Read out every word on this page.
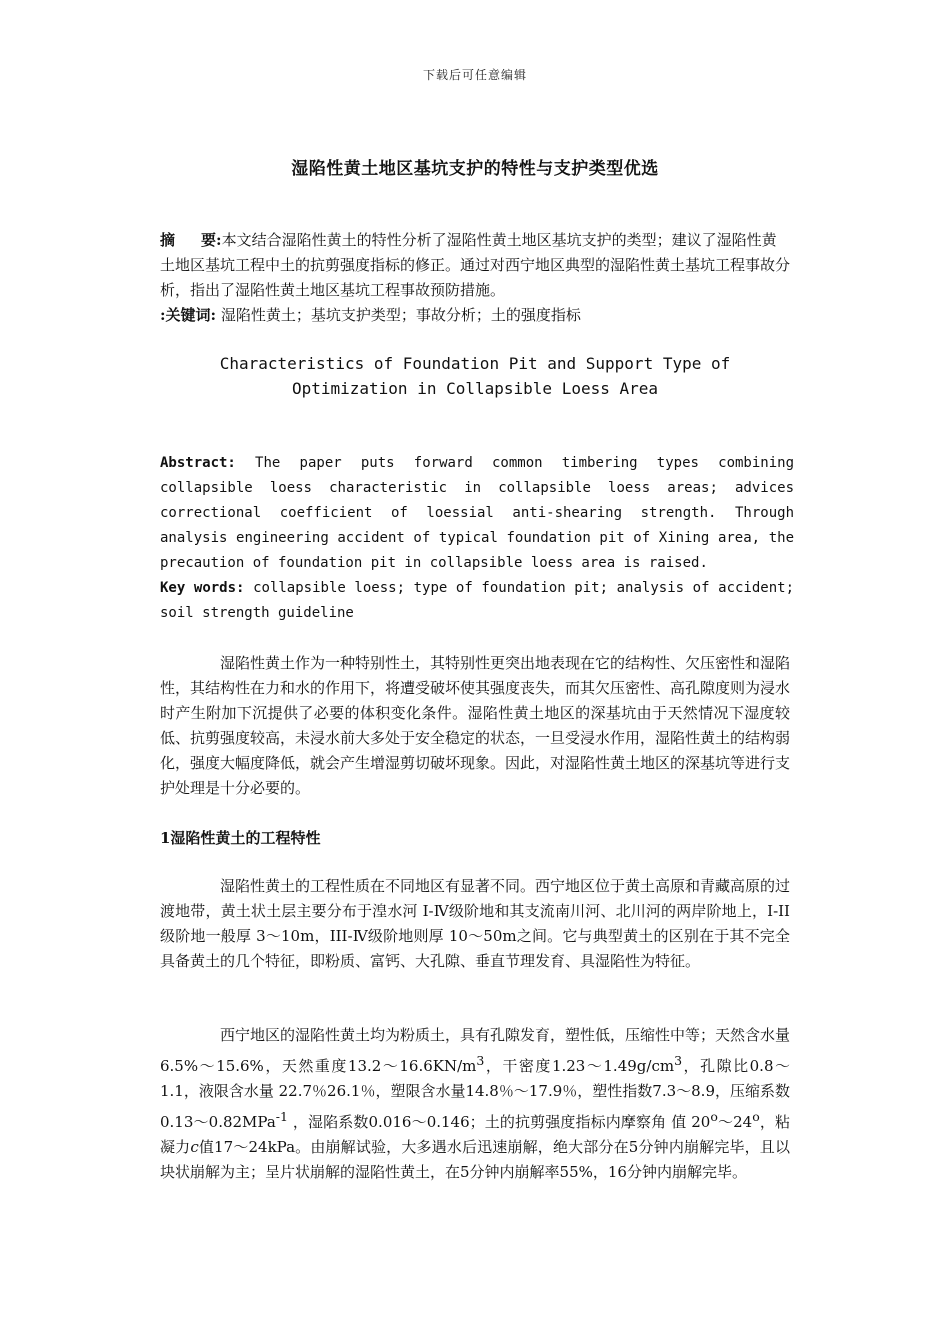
下载后可任意编辑
湿陷性黄土地区基坑支护的特性与支护类型优选

摘 要:本文结合湿陷性黄土的特性分析了湿陷性黄土地区基坑支护的类型；建议了湿陷性黄土地区基坑工程中土的抗剪强度指标的修正。通过对西宁地区典型的湿陷性黄土基坑工程事故分析，指出了湿陷性黄土地区基坑工程事故预防措施。

:关键词: 湿陷性黄土；基坑支护类型；事故分析；土的强度指标

Characteristics of Foundation Pit and Support Type of
Optimization in Collapsible Loess Area

Abstract: The paper puts forward common timbering types combining collapsible loess characteristic in collapsible loess areas; advices correctional coefficient of loessial anti-shearing strength. Through analysis engineering accident of typical foundation pit of Xining area, the precaution of foundation pit in collapsible loess area is raised.

Key words: collapsible loess; type of foundation pit; analysis of accident; soil strength guideline

湿陷性黄土作为一种特别性土，其特别性更突出地表现在它的结构性、欠压密性和湿陷性，其结构性在力和水的作用下，将遭受破坏使其强度丧失，而其欠压密性、高孔隙度则为浸水时产生附加下沉提供了必要的体积变化条件。湿陷性黄土地区的深基坑由于天然情况下湿度较低、抗剪强度较高，未浸水前大多处于安全稳定的状态，一旦受浸水作用，湿陷性黄土的结构弱化，强度大幅度降低，就会产生增湿剪切破坏现象。因此，对湿陷性黄土地区的深基坑等进行支护处理是十分必要的。

1湿陷性黄土的工程特性

湿陷性黄土的工程性质在不同地区有显著不同。西宁地区位于黄土高原和青藏高原的过渡地带，黄土状土层主要分布于湟水河 I-Ⅳ级阶地和其支流南川河、北川河的两岸阶地上，I-II 级阶地一般厚 3～10m，III-Ⅳ级阶地则厚 10～50m之间。它与典型黄土的区别在于其不完全具备黄土的几个特征，即粉质、富钙、大孔隙、垂直节理发育、具湿陷性为特征。

西宁地区的湿陷性黄土均为粉质土，具有孔隙发育，塑性低，压缩性中等；天然含水量6.5%～15.6%，天然重度$13.2\sim 16.6KN/m^3$，干密度$1.23\sim 1.49g/cm^3$，孔隙比0.8～1.1，液限含水量 22.7％26.1％，塑限含水量14.8％～17.9％，塑性指数7.3～8.9，压缩系数0.13～0.82MPa$^{-1}$ ，湿陷系数0.016～0.146；土的抗剪强度指标内摩察角 值 20$^o$～24$^o$，粘凝力c值17～24kPa。由崩解试验，大多遇水后迅速崩解，绝大部分在5分钟内崩解完毕，且以块状崩解为主；呈片状崩解的湿陷性黄土，在5分钟内崩解率55%，16分钟内崩解完毕。
